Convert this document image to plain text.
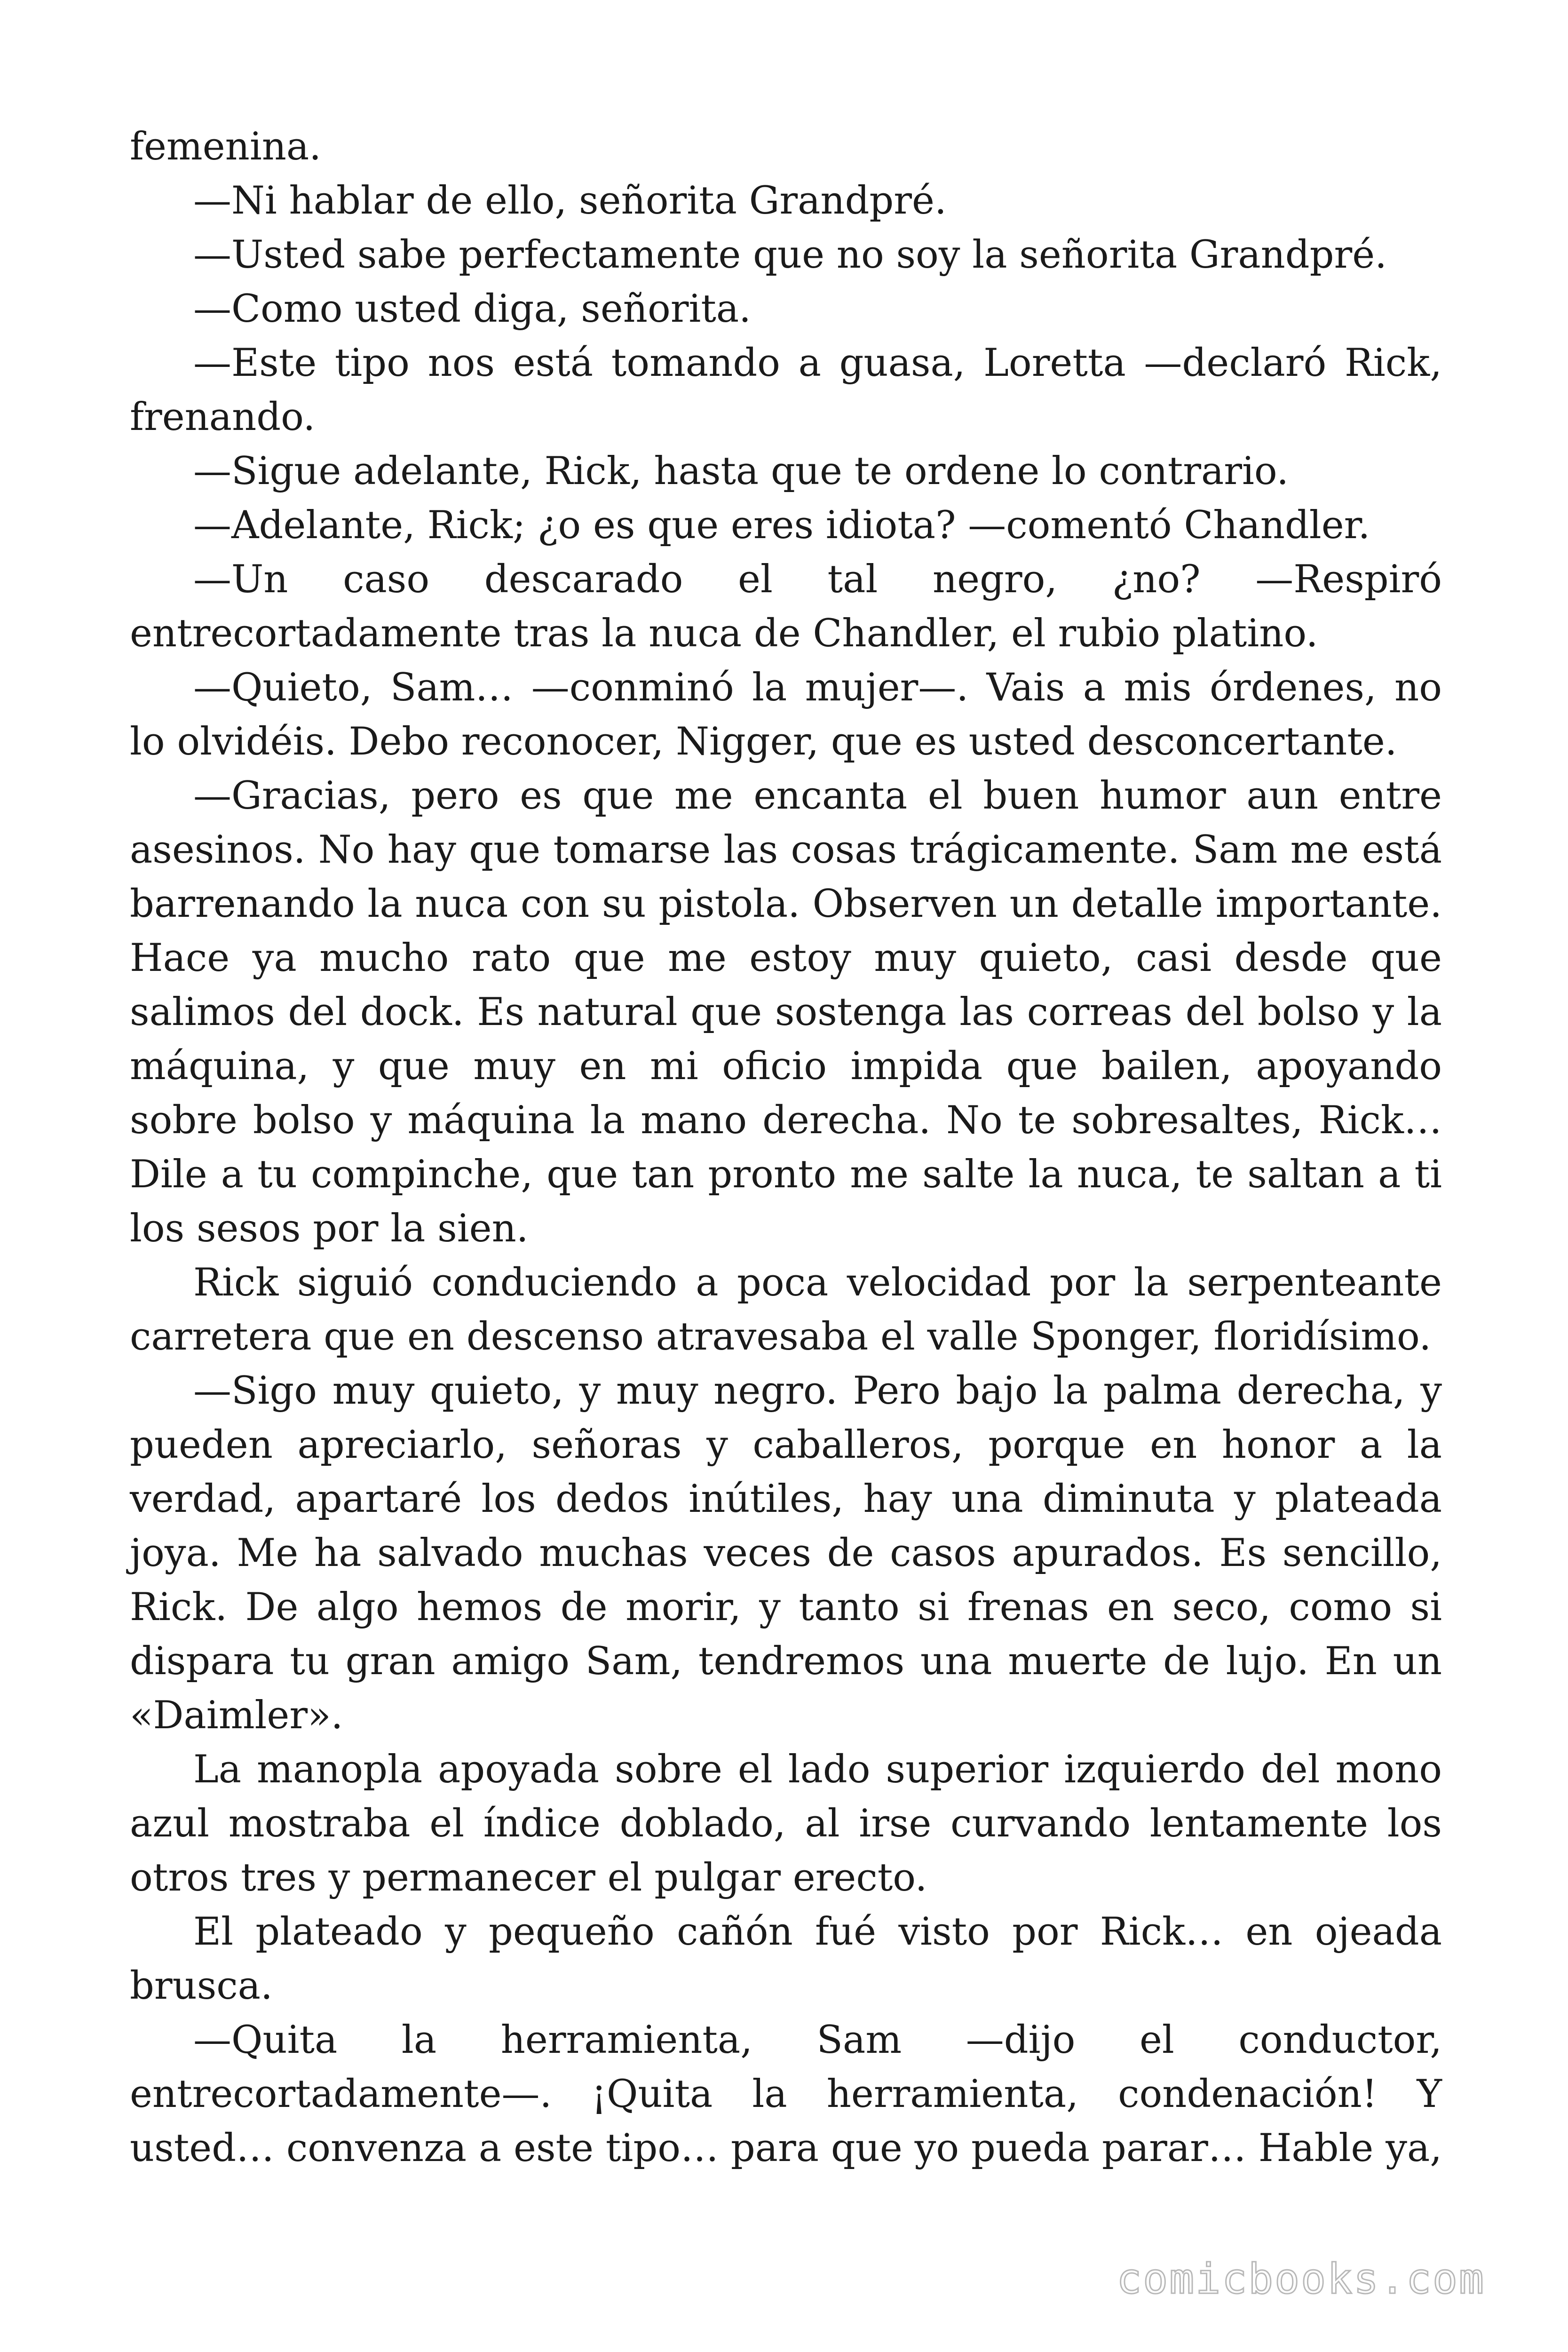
femenina.
—Ni hablar de ello, señorita Grandpré.
—Usted sabe perfectamente que no soy la señorita Grandpré.
—Como usted diga, señorita.
—Este tipo nos está tomando a guasa, Loretta —declaró Rick,
frenando.
—Sigue adelante, Rick, hasta que te ordene lo contrario.
—Adelante, Rick; ¿o es que eres idiota? —comentó Chandler.
—Un caso descarado el tal negro, ¿no? —Respiró
entrecortadamente tras la nuca de Chandler, el rubio platino.
—Quieto, Sam… —conminó la mujer—. Vais a mis órdenes, no
lo olvidéis. Debo reconocer, Nigger, que es usted desconcertante.
—Gracias, pero es que me encanta el buen humor aun entre
asesinos. No hay que tomarse las cosas trágicamente. Sam me está
barrenando la nuca con su pistola. Observen un detalle importante.
Hace ya mucho rato que me estoy muy quieto, casi desde que
salimos del dock. Es natural que sostenga las correas del bolso y la
máquina, y que muy en mi oficio impida que bailen, apoyando
sobre bolso y máquina la mano derecha. No te sobresaltes, Rick…
Dile a tu compinche, que tan pronto me salte la nuca, te saltan a ti
los sesos por la sien.
Rick siguió conduciendo a poca velocidad por la serpenteante
carretera que en descenso atravesaba el valle Sponger, floridísimo.
—Sigo muy quieto, y muy negro. Pero bajo la palma derecha, y
pueden apreciarlo, señoras y caballeros, porque en honor a la
verdad, apartaré los dedos inútiles, hay una diminuta y plateada
joya. Me ha salvado muchas veces de casos apurados. Es sencillo,
Rick. De algo hemos de morir, y tanto si frenas en seco, como si
dispara tu gran amigo Sam, tendremos una muerte de lujo. En un
«Daimler».
La manopla apoyada sobre el lado superior izquierdo del mono
azul mostraba el índice doblado, al irse curvando lentamente los
otros tres y permanecer el pulgar erecto.
El plateado y pequeño cañón fué visto por Rick… en ojeada
brusca.
—Quita la herramienta, Sam —dijo el conductor,
entrecortadamente—. ¡Quita la herramienta, condenación! Y
usted… convenza a este tipo… para que yo pueda parar… Hable ya,
comicbooks.com
